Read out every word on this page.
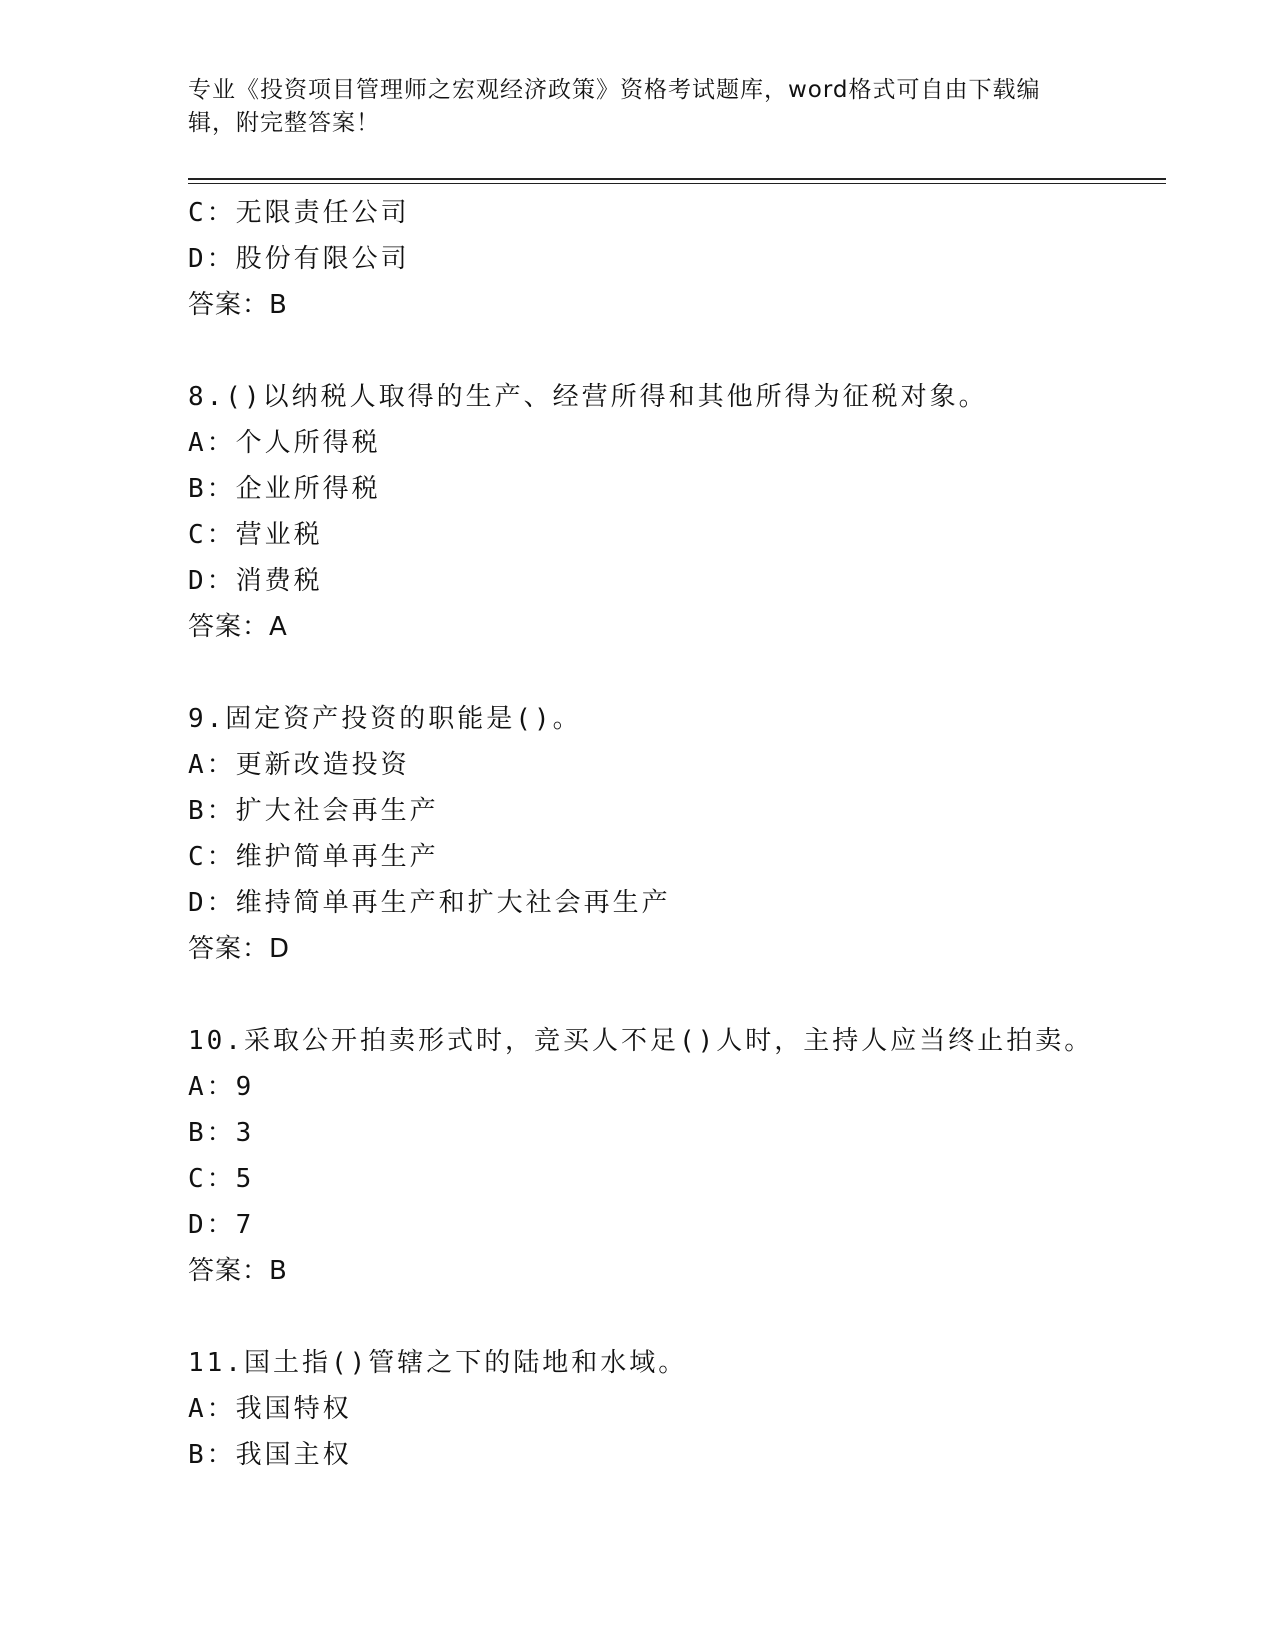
专业《投资项目管理师之宏观经济政策》资格考试题库，word格式可自由下载编
辑，附完整答案！
C：无限责任公司
D：股份有限公司
答案：B
8.()以纳税人取得的生产、经营所得和其他所得为征税对象。
A：个人所得税
B：企业所得税
C：营业税
D：消费税
答案：A
9.固定资产投资的职能是()。
A：更新改造投资
B：扩大社会再生产
C：维护简单再生产
D：维持简单再生产和扩大社会再生产
答案：D
10.采取公开拍卖形式时，竞买人不足()人时，主持人应当终止拍卖。
A：9
B：3
C：5
D：7
答案：B
11.国土指()管辖之下的陆地和水域。
A：我国特权
B：我国主权
